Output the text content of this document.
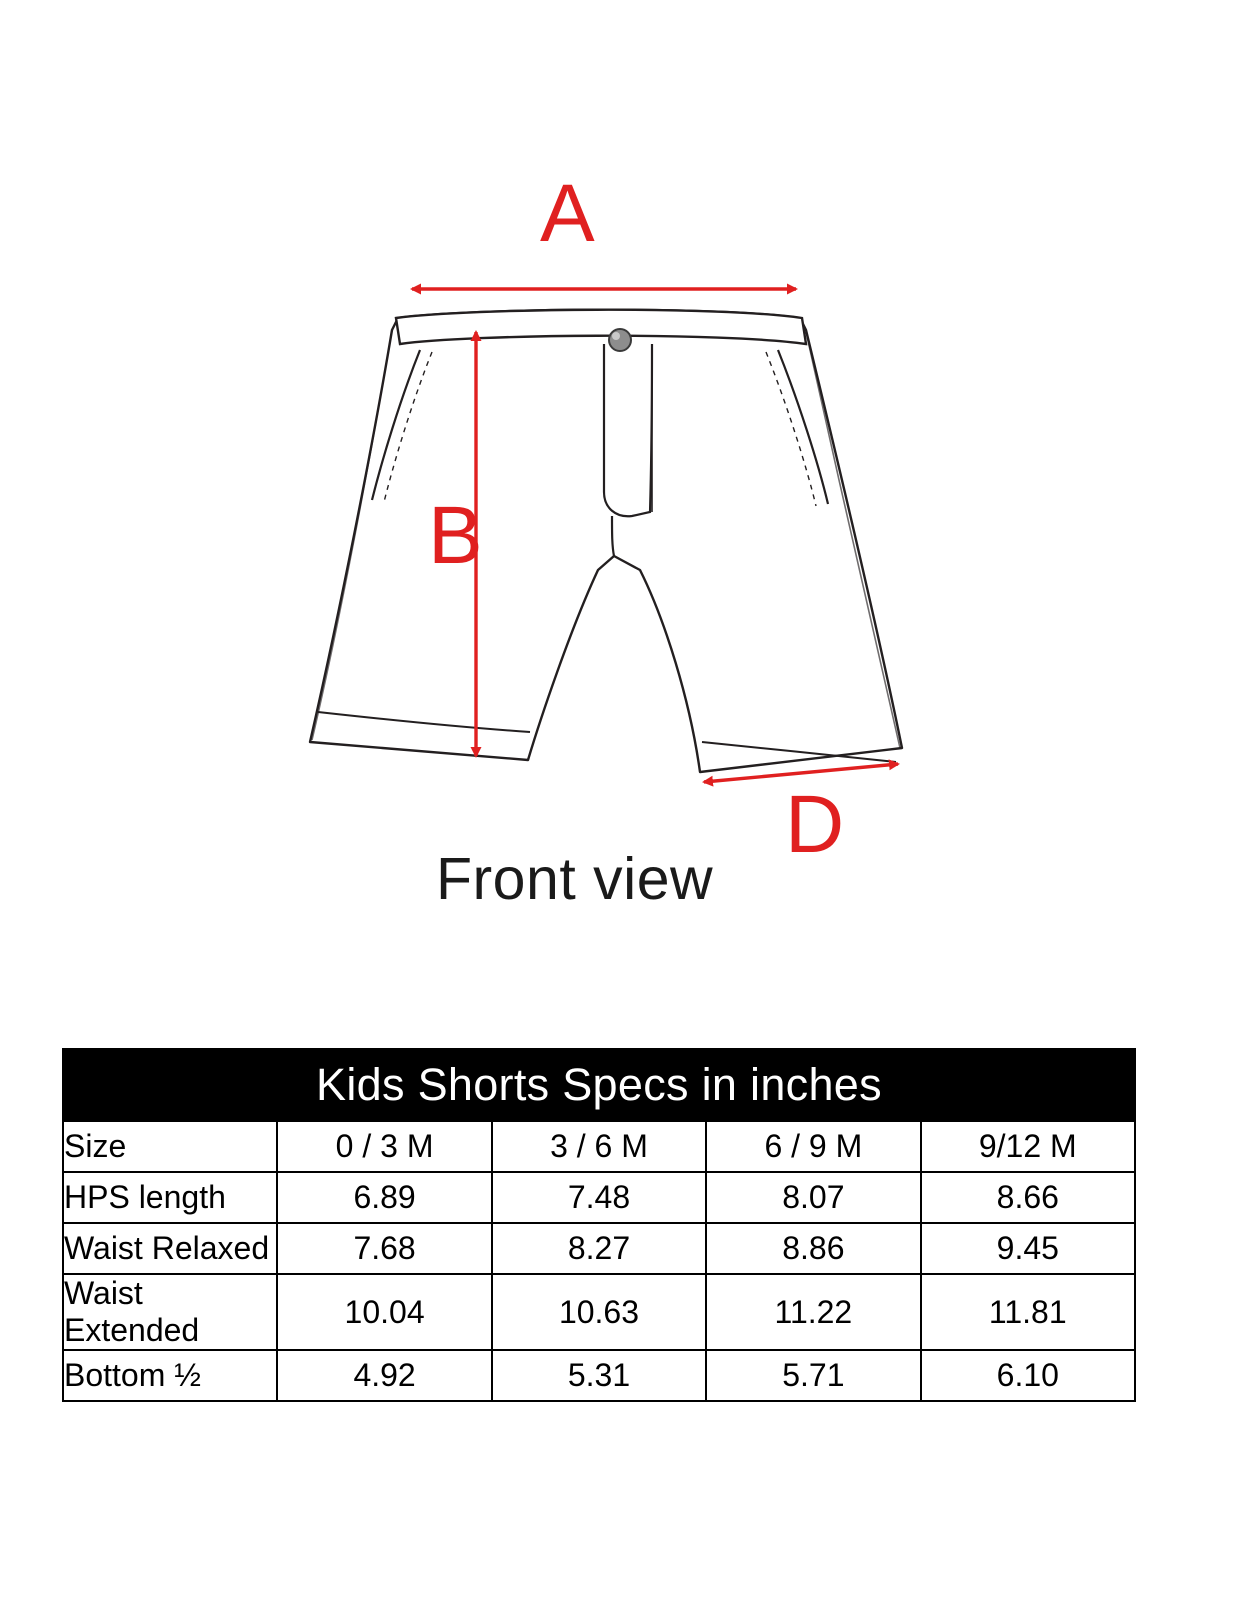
A
B
D
Front view
Kids Shorts Specs in inches				
Size	0 / 3 M	3 / 6 M	6 / 9 M	9/12 M
HPS length	6.89	7.48	8.07	8.66
Waist Relaxed	7.68	8.27	8.86	9.45
Waist Extended	10.04	10.63	11.22	11.81
Bottom ½	4.92	5.31	5.71	6.10
